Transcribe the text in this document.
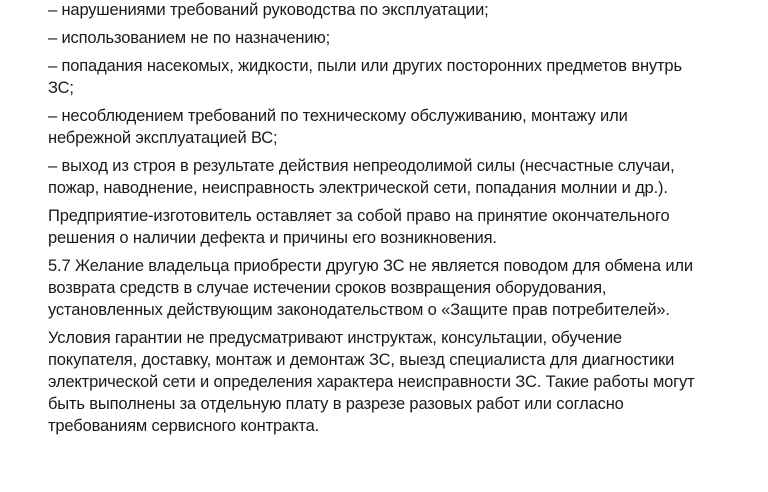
– нарушениями требований руководства по эксплуатации;

– использованием не по назначению;

– попадания насекомых, жидкости, пыли или других посторонних предметов внутрь
ЗС;

– несоблюдением требований по техническому обслуживанию, монтажу или
небрежной эксплуатацией ВС;

– выход из строя в результате действия непреодолимой силы (несчастные случаи,
пожар, наводнение, неисправность электрической сети, попадания молнии и др.).

Предприятие-изготовитель оставляет за собой право на принятие окончательного
решения о наличии дефекта и причины его возникновения.

5.7 Желание владельца приобрести другую ЗС не является поводом для обмена или
возврата средств в случае истечении сроков возвращения оборудования,
установленных действующим законодательством о «Защите прав потребителей».

Условия гарантии не предусматривают инструктаж, консультации, обучение
покупателя, доставку, монтаж и демонтаж ЗС, выезд специалиста для диагностики
электрической сети и определения характера неисправности ЗС. Такие работы могут
быть выполнены за отдельную плату в разрезе разовых работ или согласно
требованиям сервисного контракта.
